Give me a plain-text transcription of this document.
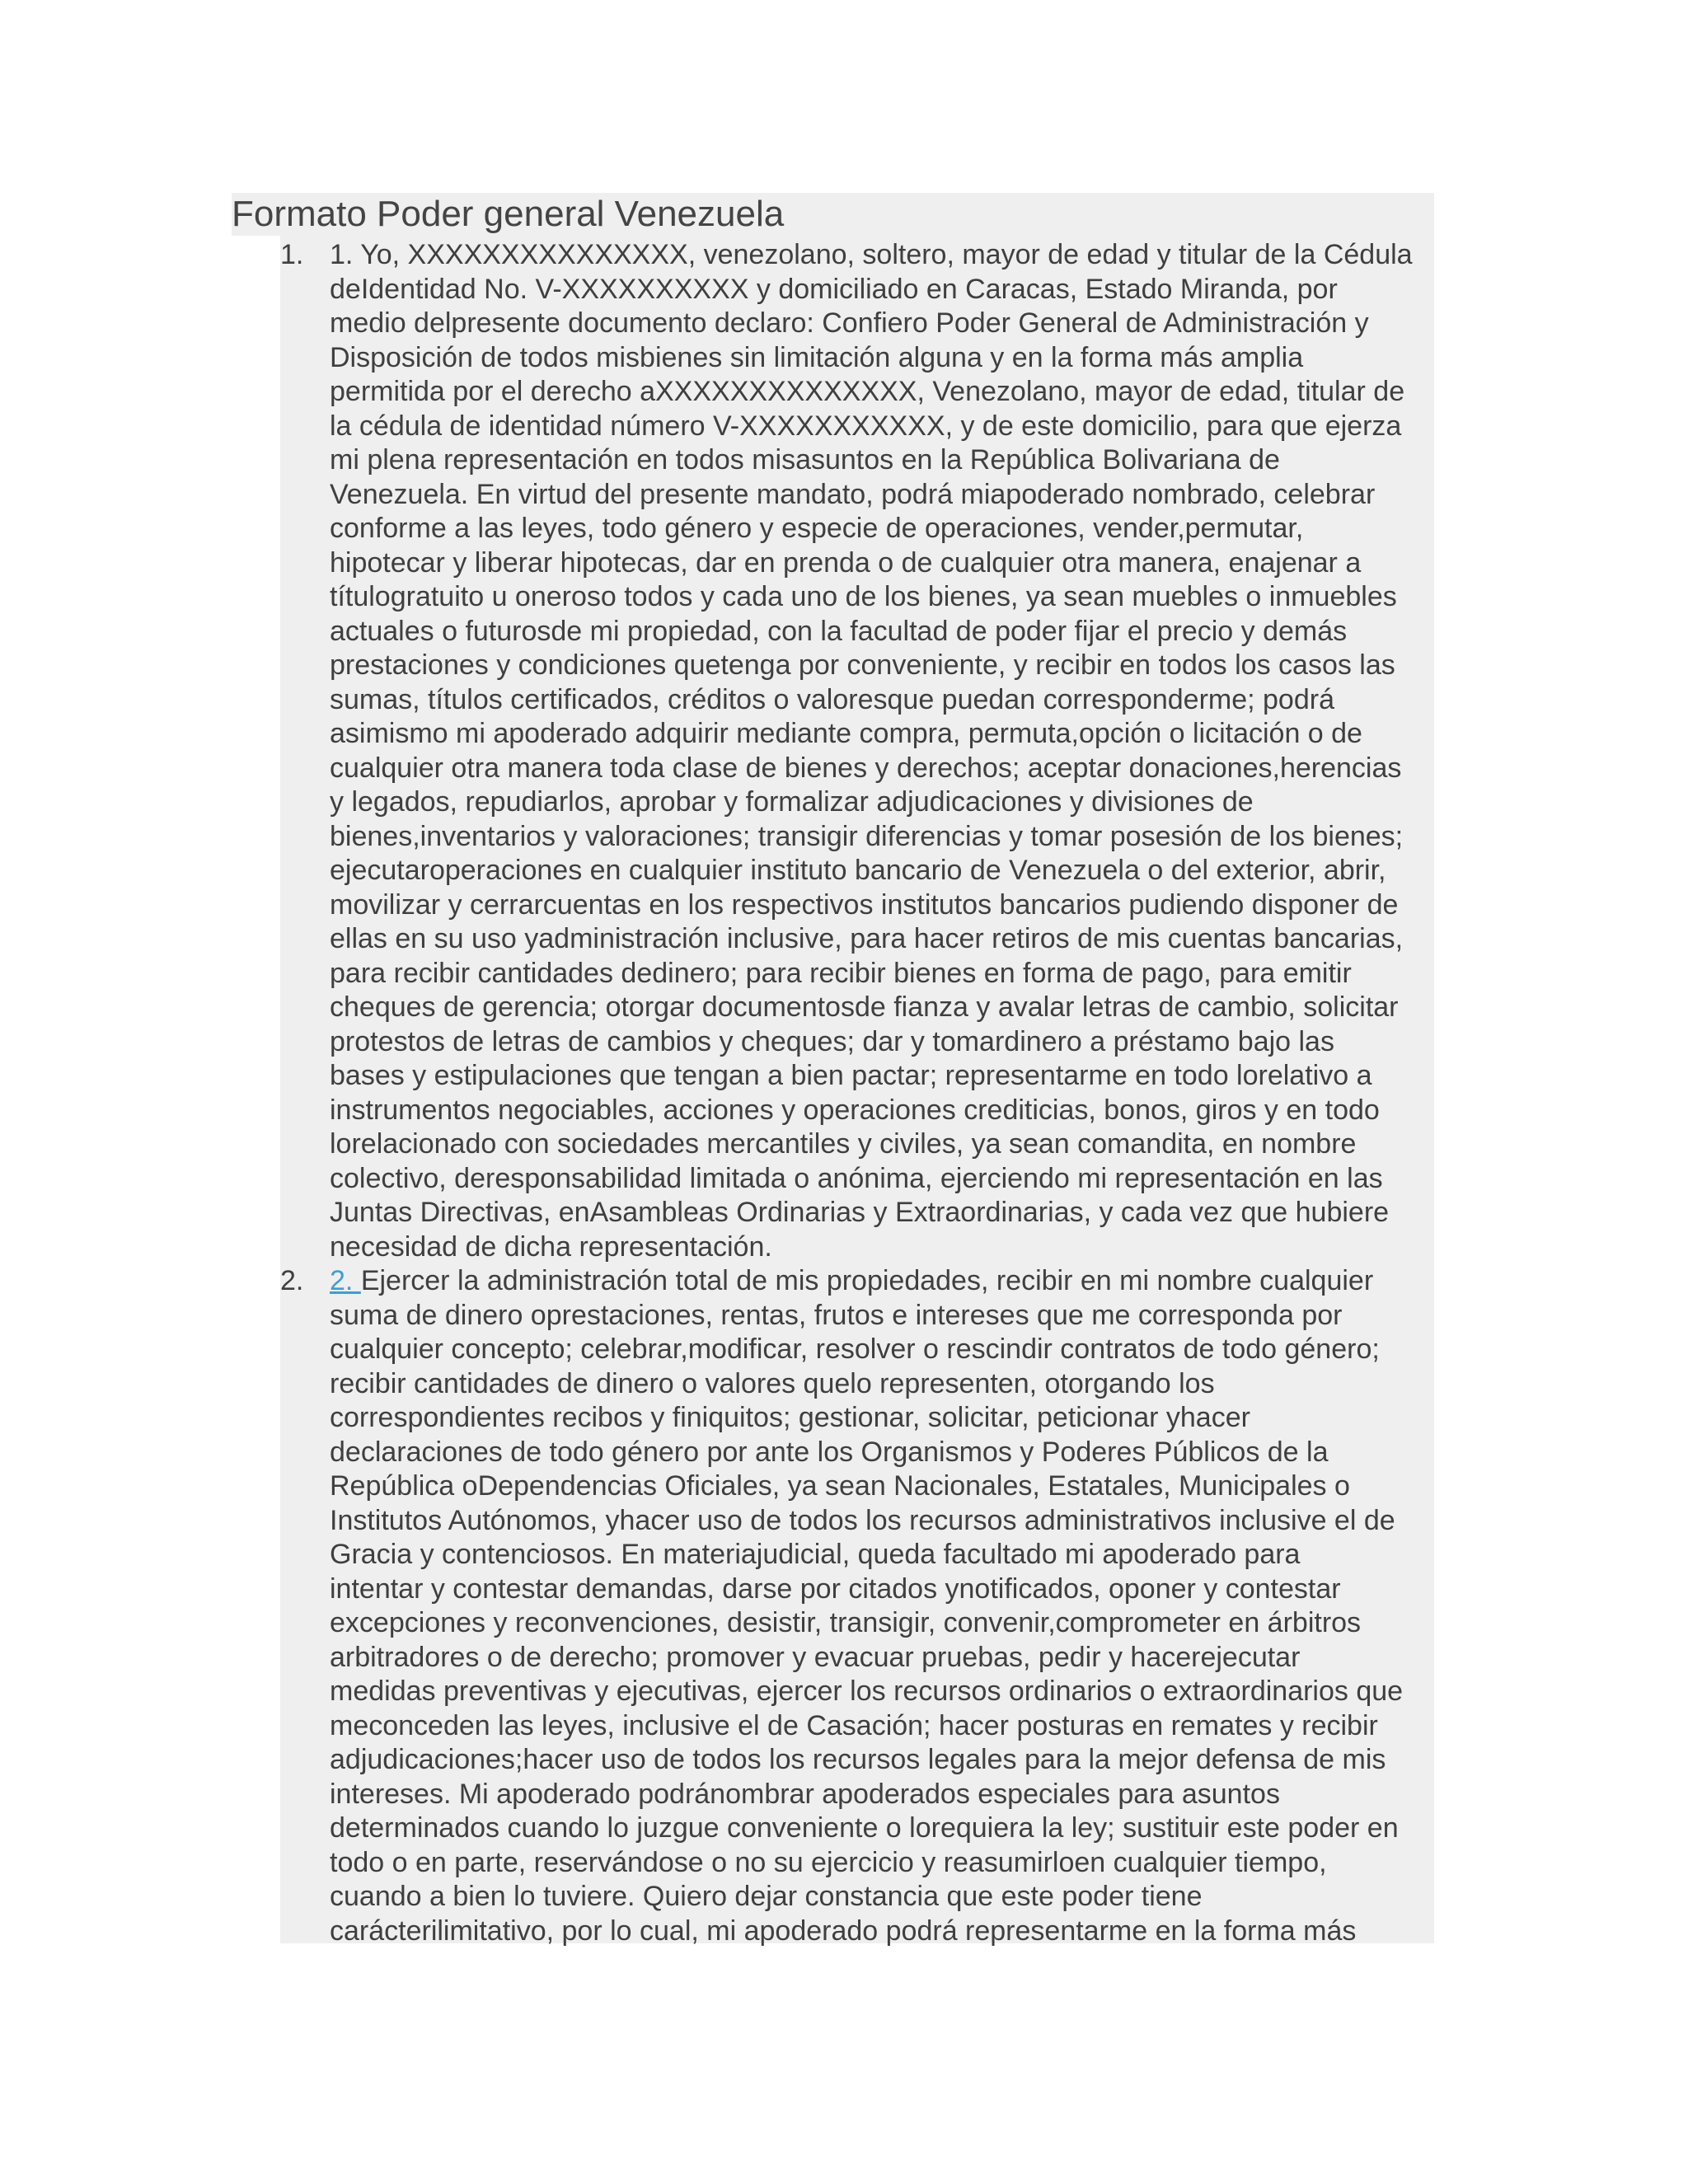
Formato Poder general Venezuela
1. 1. Yo, XXXXXXXXXXXXXXX, venezolano, soltero, mayor de edad y titular de la Cédula
deIdentidad No. V-XXXXXXXXXX y domiciliado en Caracas, Estado Miranda, por
medio delpresente documento declaro: Confiero Poder General de Administración y
Disposición de todos misbienes sin limitación alguna y en la forma más amplia
permitida por el derecho aXXXXXXXXXXXXXX, Venezolano, mayor de edad, titular de
la cédula de identidad número V-XXXXXXXXXXX, y de este domicilio, para que ejerza
mi plena representación en todos misasuntos en la República Bolivariana de
Venezuela. En virtud del presente mandato, podrá miapoderado nombrado, celebrar
conforme a las leyes, todo género y especie de operaciones, vender,permutar,
hipotecar y liberar hipotecas, dar en prenda o de cualquier otra manera, enajenar a
títulogratuito u oneroso todos y cada uno de los bienes, ya sean muebles o inmuebles
actuales o futurosde mi propiedad, con la facultad de poder fijar el precio y demás
prestaciones y condiciones quetenga por conveniente, y recibir en todos los casos las
sumas, títulos certificados, créditos o valoresque puedan corresponderme; podrá
asimismo mi apoderado adquirir mediante compra, permuta,opción o licitación o de
cualquier otra manera toda clase de bienes y derechos; aceptar donaciones,herencias
y legados, repudiarlos, aprobar y formalizar adjudicaciones y divisiones de
bienes,inventarios y valoraciones; transigir diferencias y tomar posesión de los bienes;
ejecutaroperaciones en cualquier instituto bancario de Venezuela o del exterior, abrir,
movilizar y cerrarcuentas en los respectivos institutos bancarios pudiendo disponer de
ellas en su uso yadministración inclusive, para hacer retiros de mis cuentas bancarias,
para recibir cantidades dedinero; para recibir bienes en forma de pago, para emitir
cheques de gerencia; otorgar documentosde fianza y avalar letras de cambio, solicitar
protestos de letras de cambios y cheques; dar y tomardinero a préstamo bajo las
bases y estipulaciones que tengan a bien pactar; representarme en todo lorelativo a
instrumentos negociables, acciones y operaciones crediticias, bonos, giros y en todo
lorelacionado con sociedades mercantiles y civiles, ya sean comandita, en nombre
colectivo, deresponsabilidad limitada o anónima, ejerciendo mi representación en las
Juntas Directivas, enAsambleas Ordinarias y Extraordinarias, y cada vez que hubiere
necesidad de dicha representación.
2. 2. Ejercer la administración total de mis propiedades, recibir en mi nombre cualquier
suma de dinero oprestaciones, rentas, frutos e intereses que me corresponda por
cualquier concepto; celebrar,modificar, resolver o rescindir contratos de todo género;
recibir cantidades de dinero o valores quelo representen, otorgando los
correspondientes recibos y finiquitos; gestionar, solicitar, peticionar yhacer
declaraciones de todo género por ante los Organismos y Poderes Públicos de la
República oDependencias Oficiales, ya sean Nacionales, Estatales, Municipales o
Institutos Autónomos, yhacer uso de todos los recursos administrativos inclusive el de
Gracia y contenciosos. En materiajudicial, queda facultado mi apoderado para
intentar y contestar demandas, darse por citados ynotificados, oponer y contestar
excepciones y reconvenciones, desistir, transigir, convenir,comprometer en árbitros
arbitradores o de derecho; promover y evacuar pruebas, pedir y hacerejecutar
medidas preventivas y ejecutivas, ejercer los recursos ordinarios o extraordinarios que
meconceden las leyes, inclusive el de Casación; hacer posturas en remates y recibir
adjudicaciones;hacer uso de todos los recursos legales para la mejor defensa de mis
intereses. Mi apoderado podránombrar apoderados especiales para asuntos
determinados cuando lo juzgue conveniente o lorequiera la ley; sustituir este poder en
todo o en parte, reservándose o no su ejercicio y reasumirloen cualquier tiempo,
cuando a bien lo tuviere. Quiero dejar constancia que este poder tiene
carácterilimitativo, por lo cual, mi apoderado podrá representarme en la forma más
